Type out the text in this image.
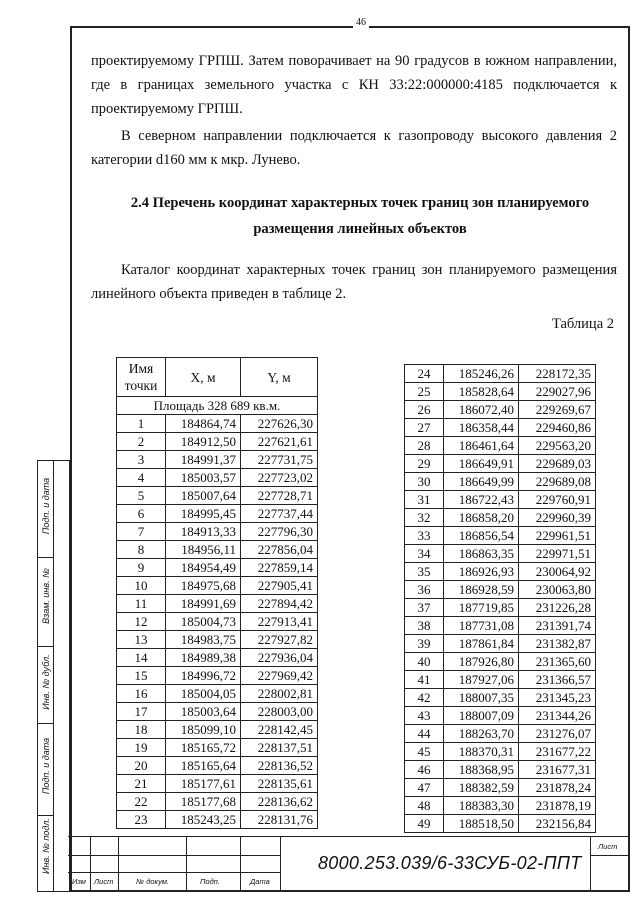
46
проектируемому ГРПШ. Затем поворачивает на 90 градусов в южном направлении, где в границах земельного участка с КН 33:22:000000:4185 подключается к проектируемому ГРПШ.
В северном направлении подключается к газопроводу высокого давления 2 категории d160 мм к мкр. Лунево.
2.4 Перечень координат характерных точек границ зон планируемого размещения линейных объектов
Каталог координат характерных точек границ зон планируемого размещения линейного объекта приведен в таблице 2.
Таблица 2
Имя точки	X, м	Y, м
Площадь 328 689 кв.м.		
1	184864,74	227626,30
2	184912,50	227621,61
3	184991,37	227731,75
4	185003,57	227723,02
5	185007,64	227728,71
6	184995,45	227737,44
7	184913,33	227796,30
8	184956,11	227856,04
9	184954,49	227859,14
10	184975,68	227905,41
11	184991,69	227894,42
12	185004,73	227913,41
13	184983,75	227927,82
14	184989,38	227936,04
15	184996,72	227969,42
16	185004,05	228002,81
17	185003,64	228003,00
18	185099,10	228142,45
19	185165,72	228137,51
20	185165,64	228136,52
21	185177,61	228135,61
22	185177,68	228136,62
23	185243,25	228131,76
24	185246,26	228172,35
25	185828,64	229027,96
26	186072,40	229269,67
27	186358,44	229460,86
28	186461,64	229563,20
29	186649,91	229689,03
30	186649,99	229689,08
31	186722,43	229760,91
32	186858,20	229960,39
33	186856,54	229961,51
34	186863,35	229971,51
35	186926,93	230064,92
36	186928,59	230063,80
37	187719,85	231226,28
38	187731,08	231391,74
39	187861,84	231382,87
40	187926,80	231365,60
41	187927,06	231366,57
42	188007,35	231345,23
43	188007,09	231344,26
44	188263,70	231276,07
45	188370,31	231677,22
46	188368,95	231677,31
47	188382,59	231878,24
48	188383,30	231878,19
49	188518,50	232156,84
Подп. и дата
Взам. инв. №
Инв. № дубл.
Подп. и дата
Инв. № подл.
Изм Лист	№ докум.	Подп.	Дата
8000.253.039/6-33СУБ-02-ППТ
Лист
